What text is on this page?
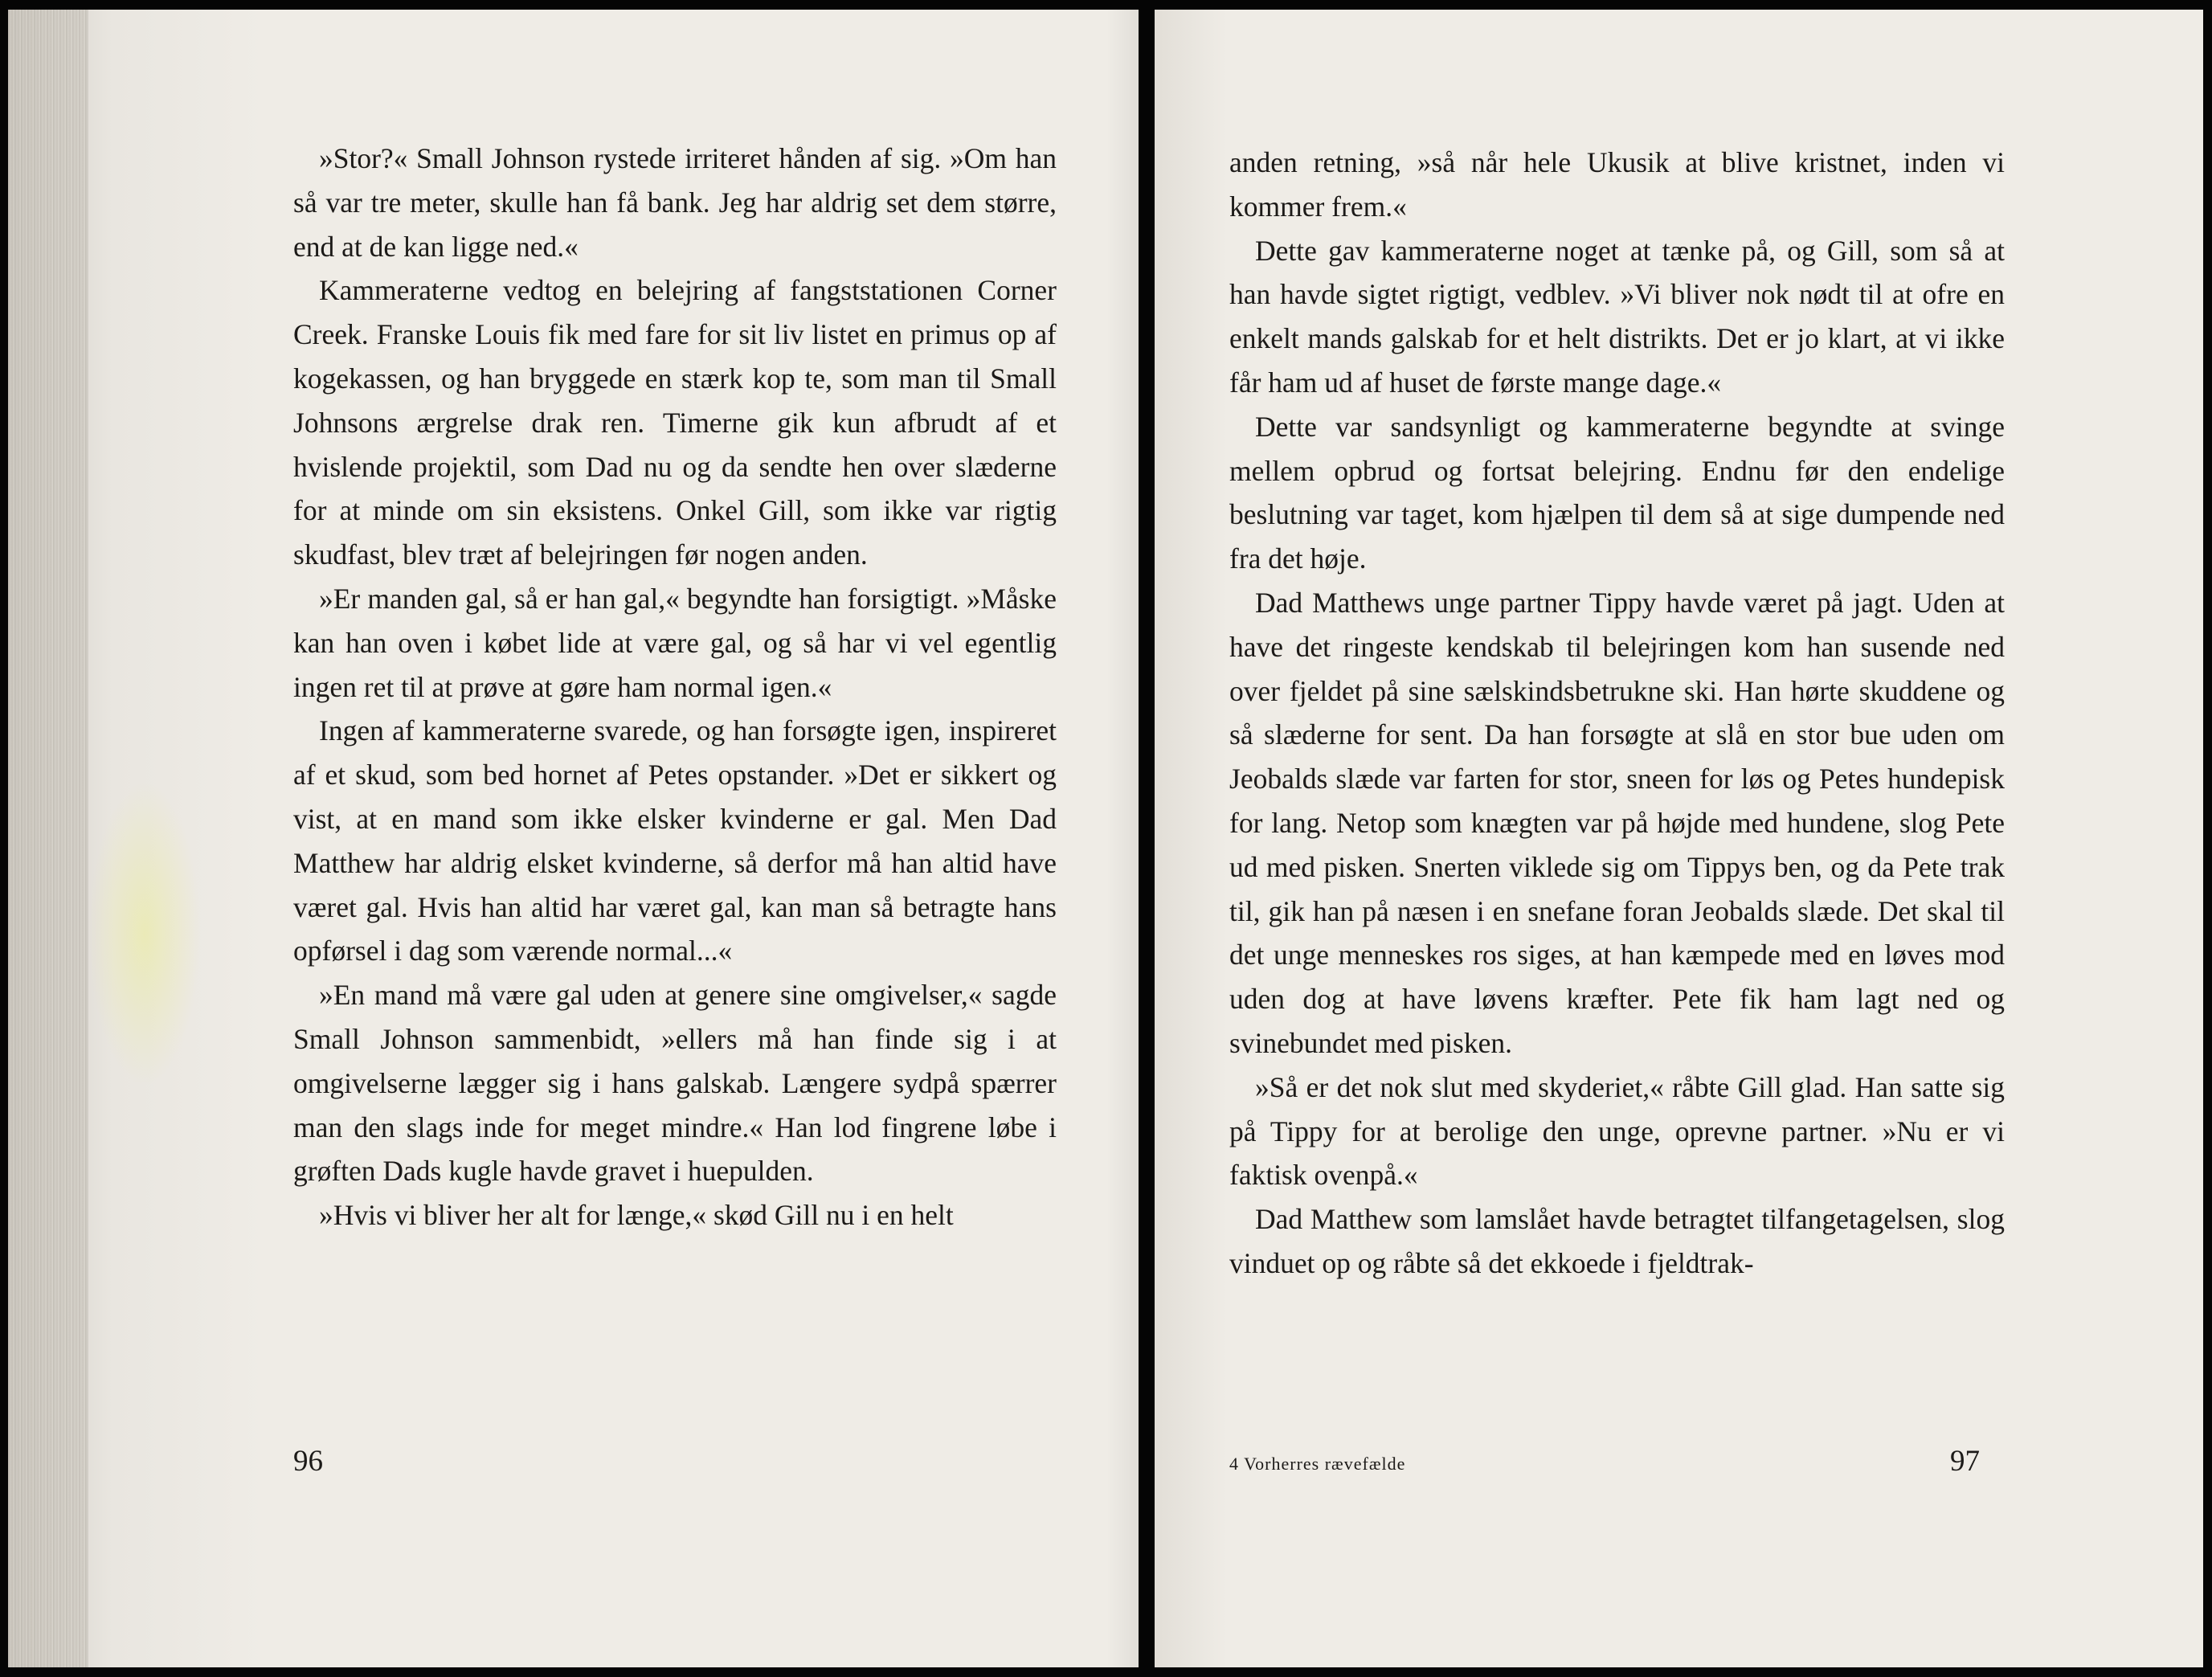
»Stor?« Small Johnson rystede irriteret hånden af sig. »Om han så var tre meter, skulle han få bank. Jeg har aldrig set dem større, end at de kan ligge ned.«

Kammeraterne vedtog en belejring af fangststationen Corner Creek. Franske Louis fik med fare for sit liv listet en primus op af kogekassen, og han bryggede en stærk kop te, som man til Small Johnsons ærgrelse drak ren. Timerne gik kun afbrudt af et hvislende projektil, som Dad nu og da sendte hen over slæderne for at minde om sin eksistens. Onkel Gill, som ikke var rigtig skudfast, blev træt af belejringen før nogen anden.

»Er manden gal, så er han gal,« begyndte han forsigtigt. »Måske kan han oven i købet lide at være gal, og så har vi vel egentlig ingen ret til at prøve at gøre ham normal igen.«

Ingen af kammeraterne svarede, og han forsøgte igen, inspireret af et skud, som bed hornet af Petes opstander. »Det er sikkert og vist, at en mand som ikke elsker kvinderne er gal. Men Dad Matthew har aldrig elsket kvinderne, så derfor må han altid have været gal. Hvis han altid har været gal, kan man så betragte hans opførsel i dag som værende normal...«

»En mand må være gal uden at genere sine omgivelser,« sagde Small Johnson sammenbidt, »ellers må han finde sig i at omgivelserne lægger sig i hans galskab. Længere sydpå spærrer man den slags inde for meget mindre.« Han lod fingrene løbe i grøften Dads kugle havde gravet i huepulden.

»Hvis vi bliver her alt for længe,« skød Gill nu i en helt

96

anden retning, »så når hele Ukusik at blive kristnet, inden vi kommer frem.«

Dette gav kammeraterne noget at tænke på, og Gill, som så at han havde sigtet rigtigt, vedblev. »Vi bliver nok nødt til at ofre en enkelt mands galskab for et helt distrikts. Det er jo klart, at vi ikke får ham ud af huset de første mange dage.«

Dette var sandsynligt og kammeraterne begyndte at svinge mellem opbrud og fortsat belejring. Endnu før den endelige beslutning var taget, kom hjælpen til dem så at sige dumpende ned fra det høje.

Dad Matthews unge partner Tippy havde været på jagt. Uden at have det ringeste kendskab til belejringen kom han susende ned over fjeldet på sine sælskindsbetrukne ski. Han hørte skuddene og så slæderne for sent. Da han forsøgte at slå en stor bue uden om Jeobalds slæde var farten for stor, sneen for løs og Petes hundepisk for lang. Netop som knægten var på højde med hundene, slog Pete ud med pisken. Snerten viklede sig om Tippys ben, og da Pete trak til, gik han på næsen i en snefane foran Jeobalds slæde. Det skal til det unge menneskes ros siges, at han kæmpede med en løves mod uden dog at have løvens kræfter. Pete fik ham lagt ned og svinebundet med pisken.

»Så er det nok slut med skyderiet,« råbte Gill glad. Han satte sig på Tippy for at berolige den unge, oprevne partner. »Nu er vi faktisk ovenpå.«

Dad Matthew som lamslået havde betragtet tilfangetagelsen, slog vinduet op og råbte så det ekkoede i fjeldtrak-

4 Vorherres rævefælde	97
